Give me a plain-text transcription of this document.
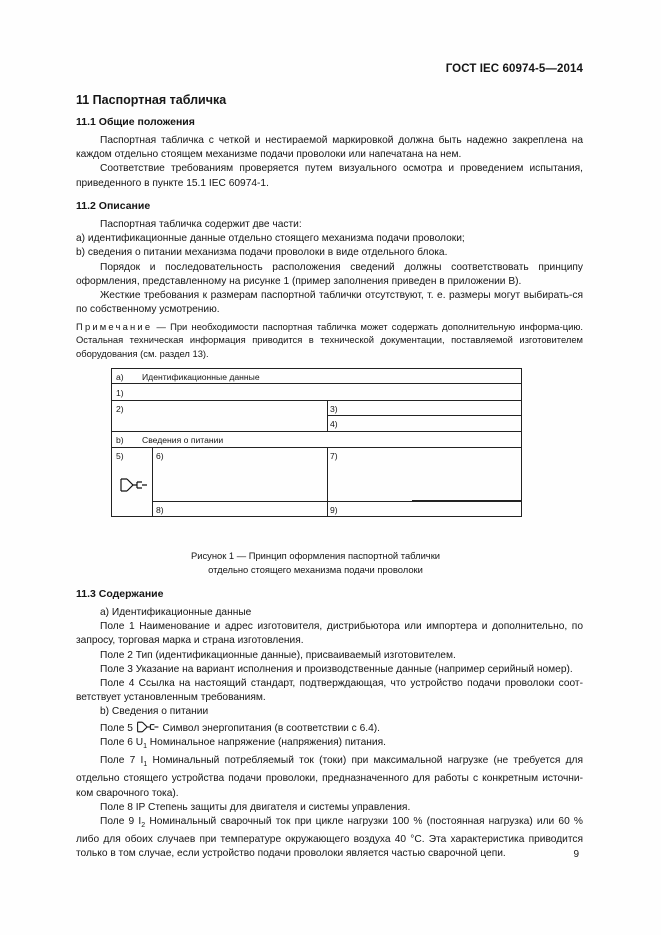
ГОСТ IEC 60974-5—2014
11 Паспортная табличка
11.1 Общие положения

Паспортная табличка с четкой и нестираемой маркировкой должна быть надежно закреплена на каждом отдельно стоящем механизме подачи проволоки или напечатана на нем.

Соответствие требованиям проверяется путем визуального осмотра и проведением испытания, приведенного в пункте 15.1 IEC 60974-1.

11.2 Описание

Паспортная табличка содержит две части:

а) идентификационные данные отдельно стоящего механизма подачи проволоки;

b) сведения о питании механизма подачи проволоки в виде отдельного блока.

Порядок и последовательность расположения сведений должны соответствовать принципу оформления, представленному на рисунке 1 (пример заполнения приведен в приложении В).

Жесткие требования к размерам паспортной таблички отсутствуют, т. е. размеры могут выбирать-ся по собственному усмотрению.

Примечание — При необходимости паспортная табличка может содержать дополнительную информа-цию. Остальная техническая информация приводится в технической документации, поставляемой изготовителем оборудования (см. раздел 13).

а) Идентификационные данные
1)
2)	3)
4)
b) Сведения о питании
5)	6)	7)
8)	9)
Рисунок 1 — Принцип оформления паспортной таблички
отдельно стоящего механизма подачи проволоки
11.3 Содержание

а) Идентификационные данные

Поле 1 Наименование и адрес изготовителя, дистрибьютора или импортера и дополнительно, по запросу, торговая марка и страна изготовления.

Поле 2 Тип (идентификационные данные), присваиваемый изготовителем.

Поле 3 Указание на вариант исполнения и производственные данные (например серийный номер).

Поле 4 Ссылка на настоящий стандарт, подтверждающая, что устройство подачи проволоки соот-ветствует установленным требованиям.

b) Сведения о питании

Поле 5  Символ энергопитания (в соответствии с 6.4).

Поле 6 $U_1$ Номинальное напряжение (напряжения) питания.

Поле 7 $I_1$ Номинальный потребляемый ток (токи) при максимальной нагрузке (не требуется для отдельно стоящего устройства подачи проволоки, предназначенного для работы с конкретным источни-ком сварочного тока).

Поле 8 IP Степень защиты для двигателя и системы управления.

Поле 9 $I_2$ Номинальный сварочный ток при цикле нагрузки 100 % (постоянная нагрузка) или 60 % либо для обоих случаев при температуре окружающего воздуха 40 °C. Эта характеристика приводится только в том случае, если устройство подачи проволоки является частью сварочной цепи.	9
